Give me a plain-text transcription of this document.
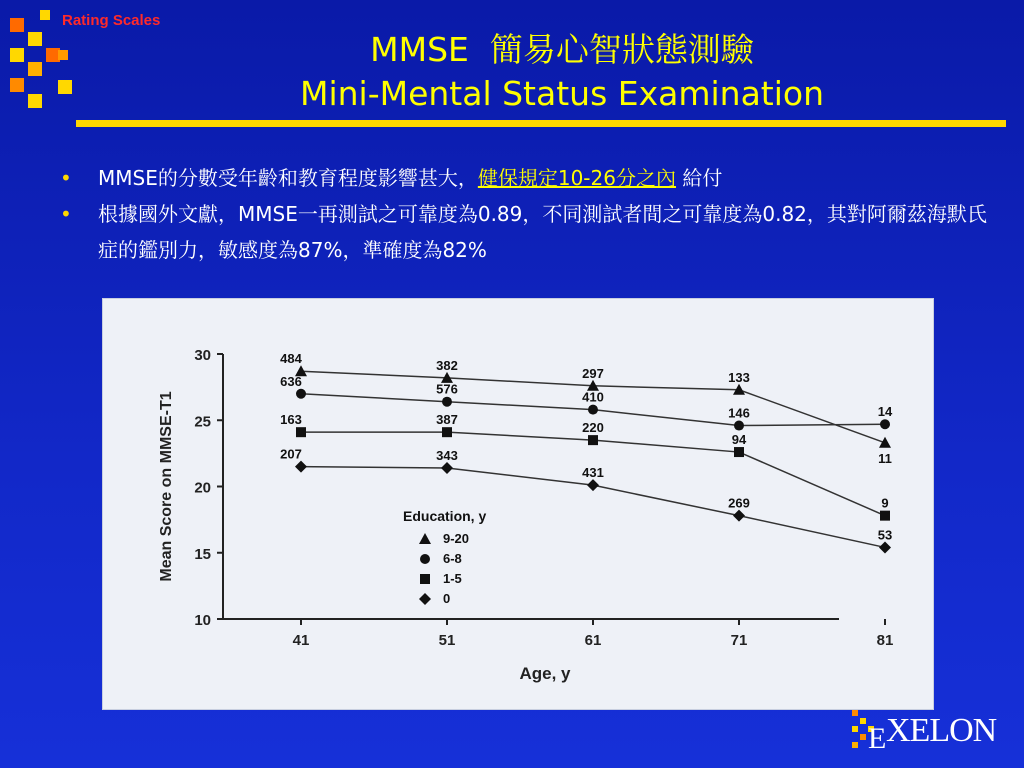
Rating Scales
MMSE  簡易心智狀態測驗
Mini-Mental Status Examination
• MMSE的分數受年齡和教育程度影響甚大，健保規定10-26分之內 給付
• 根據國外文獻，MMSE一再測試之可靠度為0.89，不同測試者間之可靠度為0.82，其對阿爾茲海默氏症的鑑別力，敏感度為87%，準確度為82%
10
15
20
25
30
41	51	61	71	81
Age, y
Mean Score on MMSE-T1
484	382
297	133
11
636
576
410
146	14
163	387
220
94
9
207	343
431
269
53
Education, y
9-20
6-8
1-5
0
E XELON
